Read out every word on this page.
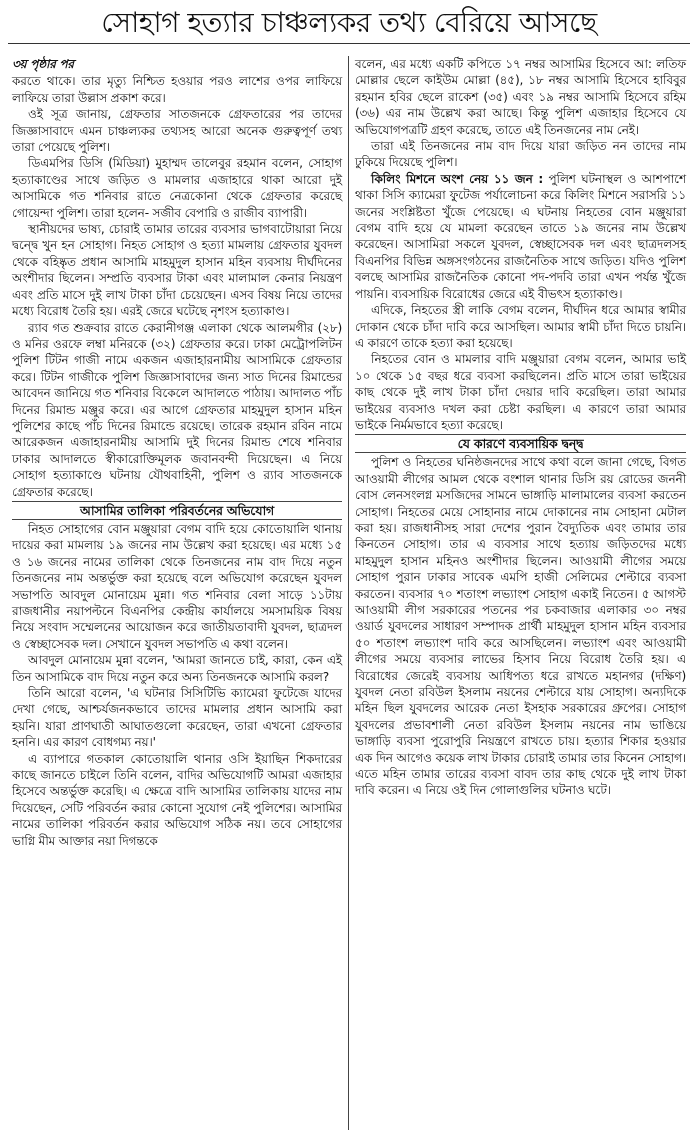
সোহাগ হত্যার চাঞ্চল্যকর তথ্য বেরিয়ে আসছে
৩য় পৃষ্ঠার পর

করতে থাকে। তার মৃত্যু নিশ্চিত হওয়ার পরও লাশের ওপর লাফিয়ে লাফিয়ে তারা উল্লাস প্রকাশ করে।

ওই সূত্র জানায়, গ্রেফতার সাতজনকে গ্রেফতারের পর তাদের জিজ্ঞাসাবাদে এমন চাঞ্চল্যকর তথ্যসহ আরো অনেক গুরুত্বপূর্ণ তথ্য তারা পেয়েছে পুলিশ।

ডিএমপির ডিসি (মিডিয়া) মুহাম্মদ তালেবুর রহমান বলেন, সোহাগ হত্যাকাণ্ডের সাথে জড়িত ও মামলার এজাহারে থাকা আরো দুই আসামিকে গত শনিবার রাতে নেত্রকোনা থেকে গ্রেফতার করেছে গোয়েন্দা পুলিশ। তারা হলেন- সজীব বেপারি ও রাজীব ব্যাপারী।

স্থানীয়দের ভাষ্য, চোরাই তামার তারের ব্যবসার ভাগবাটোয়ারা নিয়ে দ্বন্দ্বে খুন হন সোহাগ। নিহত সোহাগ ও হত্যা মামলায় গ্রেফতার যুবদল থেকে বহিষ্কৃত প্রধান আসামি মাহমুদুল হাসান মহিন ব্যবসায় দীর্ঘদিনের অংশীদার ছিলেন। সম্প্রতি ব্যবসার টাকা এবং মালামাল কেনার নিয়ন্ত্রণ এবং প্রতি মাসে দুই লাখ টাকা চাঁদা চেয়েছেন। এসব বিষয় নিয়ে তাদের মধ্যে বিরোধ তৈরি হয়। এরই জেরে ঘটেছে নৃশংস হত্যাকাণ্ড।

র‍্যাব গত শুক্রবার রাতে কেরানীগঞ্জ এলাকা থেকে আলমগীর (২৮) ও মনির ওরফে লম্বা মনিরকে (৩২) গ্রেফতার করে। ঢাকা মেট্রোপলিটন পুলিশ টিটন গাজী নামে একজন এজাহারনামীয় আসামিকে গ্রেফতার করে। টিটন গাজীকে পুলিশ জিজ্ঞাসাবাদের জন্য সাত দিনের রিমান্ডের আবেদন জানিয়ে গত শনিবার বিকেলে আদালতে পাঠায়। আদালত পাঁচ দিনের রিমান্ড মঞ্জুর করে। এর আগে গ্রেফতার মাহমুদুল হাসান মহিন পুলিশের কাছে পাঁচ দিনের রিমান্ডে রয়েছে। তারেক রহমান রবিন নামে আরেকজন এজাহারনামীয় আসামি দুই দিনের রিমান্ড শেষে শনিবার ঢাকার আদালতে স্বীকারোক্তিমূলক জবানবন্দী দিয়েছেন। এ নিয়ে সোহাগ হত্যাকাণ্ডে ঘটনায় যৌথবাহিনী, পুলিশ ও র‍্যাব সাতজনকে গ্রেফতার করেছে।

আসামির তালিকা পরিবর্তনের অভিযোগ

নিহত সোহাগের বোন মঞ্জুয়ারা বেগম বাদি হয়ে কোতোয়ালি থানায় দায়ের করা মামলায় ১৯ জনের নাম উল্লেখ করা হয়েছে। এর মধ্যে ১৫ ও ১৬ জনের নামের তালিকা থেকে তিনজনের নাম বাদ দিয়ে নতুন তিনজনের নাম অন্তর্ভুক্ত করা হয়েছে বলে অভিযোগ করেছেন যুবদল সভাপতি আবদুল মোনায়েম মুন্না। গত শনিবার বেলা সাড়ে ১১টায় রাজধানীর নয়াপল্টনে বিএনপির কেন্দ্রীয় কার্যালয়ে সমসাময়িক বিষয় নিয়ে সংবাদ সম্মেলনের আয়োজন করে জাতীয়তাবাদী যুবদল, ছাত্রদল ও স্বেচ্ছাসেবক দল। সেখানে যুবদল সভাপতি এ কথা বলেন।

আবদুল মোনায়েম মুন্না বলেন, 'আমরা জানতে চাই, কারা, কেন এই তিন আসামিকে বাদ দিয়ে নতুন করে অন্য তিনজনকে আসামি করল?

তিনি আরো বলেন, 'এ ঘটনার সিসিটিভি ক্যামেরা ফুটেজে যাদের দেখা গেছে, আশ্চর্যজনকভাবে তাদের মামলার প্রধান আসামি করা হয়নি। যারা প্রাণঘাতী আঘাতগুলো করেছেন, তারা এখনো গ্রেফতার হননি। এর কারণ বোধগম্য নয়।'

এ ব্যাপারে গতকাল কোতোয়ালি থানার ওসি ইয়াছিন শিকদারের কাছে জানতে চাইলে তিনি বলেন, বাদির অভিযোগটি আমরা এজাহার হিসেবে অন্তর্ভুক্ত করেছি। এ ক্ষেত্রে বাদি আসামির তালিকায় যাদের নাম দিয়েছেন, সেটি পরিবর্তন করার কোনো সুযোগ নেই পুলিশের। আসামির নামের তালিকা পরিবর্তন করার অভিযোগ সঠিক নয়। তবে সোহাগের ভাগ্নি মীম আক্তার নয়া দিগন্তকে

বলেন, এর মধ্যে একটি কপিতে ১৭ নম্বর আসামির হিসেবে আ: লতিফ মোল্লার ছেলে কাইউম মোল্লা (৪৫), ১৮ নম্বর আসামি হিসেবে হাবিবুর রহমান হবির ছেলে রাকেশ (৩৫) এবং ১৯ নম্বর আসামি হিসেবে রহিম (৩৬) এর নাম উল্লেখ করা আছে। কিন্তু পুলিশ এজাহার হিসেবে যে অভিযোগপত্রটি গ্রহণ করেছে, তাতে এই তিনজনের নাম নেই।

তারা এই তিনজনের নাম বাদ দিয়ে যারা জড়িত নন তাদের নাম ঢুকিয়ে দিয়েছে পুলিশ।

কিলিং মিশনে অংশ নেয় ১১ জন : পুলিশ ঘটনাস্থল ও আশপাশে থাকা সিসি ক্যামেরা ফুটেজ পর্যালোচনা করে কিলিং মিশনে সরাসরি ১১ জনের সংশ্লিষ্টতা খুঁজে পেয়েছে। এ ঘটনায় নিহতের বোন মঞ্জুয়ারা বেগম বাদি হয়ে যে মামলা করেছেন তাতে ১৯ জনের নাম উল্লেখ করেছেন। আসামিরা সকলে যুবদল, স্বেচ্ছাসেবক দল এবং ছাত্রদলসহ বিএনপির বিভিন্ন অঙ্গসংগঠনের রাজনৈতিক সাথে জড়িত। যদিও পুলিশ বলছে আসামির রাজনৈতিক কোনো পদ-পদবি তারা এখন পর্যন্ত খুঁজে পায়নি। ব্যবসায়িক বিরোধের জেরে এই বীভৎস হত্যাকাণ্ড।

এদিকে, নিহতের স্ত্রী লাকি বেগম বলেন, দীর্ঘদিন ধরে আমার স্বামীর দোকান থেকে চাঁদা দাবি করে আসছিল। আমার স্বামী চাঁদা দিতে চায়নি। এ কারণে তাকে হত্যা করা হয়েছে।

নিহতের বোন ও মামলার বাদি মঞ্জুয়ারা বেগম বলেন, আমার ভাই ১০ থেকে ১৫ বছর ধরে ব্যবসা করছিলেন। প্রতি মাসে তারা ভাইয়ের কাছ থেকে দুই লাখ টাকা চাঁদা দেয়ার দাবি করেছিল। তারা আমার ভাইয়ের ব্যবসাও দখল করা চেষ্টা করছিল। এ কারণে তারা আমার ভাইকে নির্মমভাবে হত্যা করেছে।

যে কারণে ব্যবসায়িক দ্বন্দ্ব

পুলিশ ও নিহতের ঘনিষ্ঠজনদের সাথে কথা বলে জানা গেছে, বিগত আওয়ামী লীগের আমল থেকে বংশাল থানার ডিসি রয় রোডের জননী বোস লেনসংলগ্ন মসজিদের সামনে ভাঙ্গাড়ি মালামালের ব্যবসা করতেন সোহাগ। নিহতের মেয়ে সোহানার নামে দোকানের নাম সোহানা মেটাল করা হয়। রাজধানীসহ সারা দেশের পুরান বৈদ্যুতিক এবং তামার তার কিনতেন সোহাগ। তার এ ব্যবসার সাথে হত্যায় জড়িতদের মধ্যে মাহমুদুল হাসান মহিনও অংশীদার ছিলেন। আওয়ামী লীগের সময়ে সোহাগ পুরান ঢাকার সাবেক এমপি হাজী সেলিমের শেল্টারে ব্যবসা করতেন। ব্যবসার ৭০ শতাংশ লভ্যাংশ সোহাগ একাই নিতেন। ৫ আগস্ট আওয়ামী লীগ সরকারের পতনের পর চকবাজার এলাকার ৩০ নম্বর ওয়ার্ড যুবদলের সাধারণ সম্পাদক প্রার্থী মাহমুদুল হাসান মহিন ব্যবসার ৫০ শতাংশ লভ্যাংশ দাবি করে আসছিলেন। লভ্যাংশ এবং আওয়ামী লীগের সময়ে ব্যবসার লাভের হিসাব নিয়ে বিরোধ তৈরি হয়। এ বিরোধের জেরেই ব্যবসায় আধিপত্য ধরে রাখতে মহানগর (দক্ষিণ) যুবদল নেতা রবিউল ইসলাম নয়নের শেল্টারে যায় সোহাগ। অন্যদিকে মহিন ছিল যুবদলের আরেক নেতা ইসহাক সরকারের গ্রুপের। সোহাগ যুবদলের প্রভাবশালী নেতা রবিউল ইসলাম নয়নের নাম ভাঙিয়ে ভাঙ্গাড়ি ব্যবসা পুরোপুরি নিয়ন্ত্রণে রাখতে চায়। হত্যার শিকার হওয়ার এক দিন আগেও কয়েক লাখ টাকার চোরাই তামার তার কিনেন সোহাগ। এতে মহিন তামার তারের ব্যবসা বাবদ তার কাছ থেকে দুই লাখ টাকা দাবি করেন। এ নিয়ে ওই দিন গোলাগুলির ঘটনাও ঘটে।
